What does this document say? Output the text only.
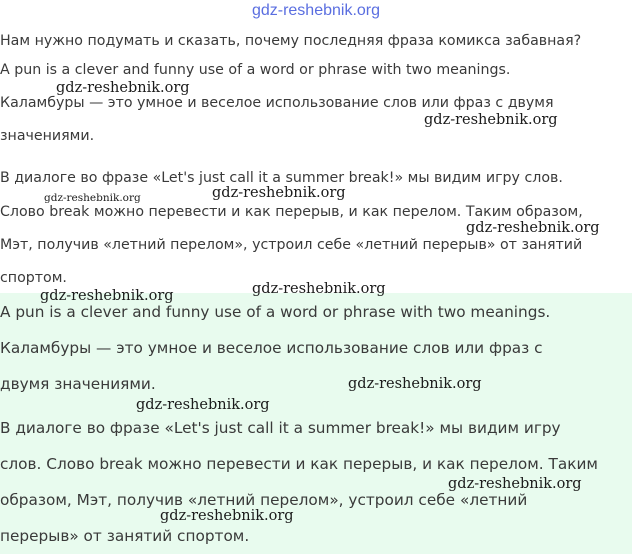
gdz-reshebnik.org
Нам нужно подумать и сказать, почему последняя фраза комикса забавная?
A pun is a clever and funny use of a word or phrase with two meanings.
Каламбуры — это умное и веселое использование слов или фраз с двумя
значениями.
В диалоге во фразе «Let's just call it a summer break!» мы видим игру слов.
Слово break можно перевести и как перерыв, и как перелом. Таким образом,
Мэт, получив «летний перелом», устроил себе «летний перерыв» от занятий
спортом.
A pun is a clever and funny use of a word or phrase with two meanings.
Каламбуры — это умное и веселое использование слов или фраз с
двумя значениями.
В диалоге во фразе «Let's just call it a summer break!» мы видим игру
слов. Слово break можно перевести и как перерыв, и как перелом. Таким
образом, Мэт, получив «летний перелом», устроил себе «летний
перерыв» от занятий спортом.
gdz-reshebnik.org
gdz-reshebnik.org
gdz-reshebnik.org
gdz-reshebnik.org
gdz-reshebnik.org
gdz-reshebnik.org
gdz-reshebnik.org
gdz-reshebnik.org
gdz-reshebnik.org
gdz-reshebnik.org
gdz-reshebnik.org
